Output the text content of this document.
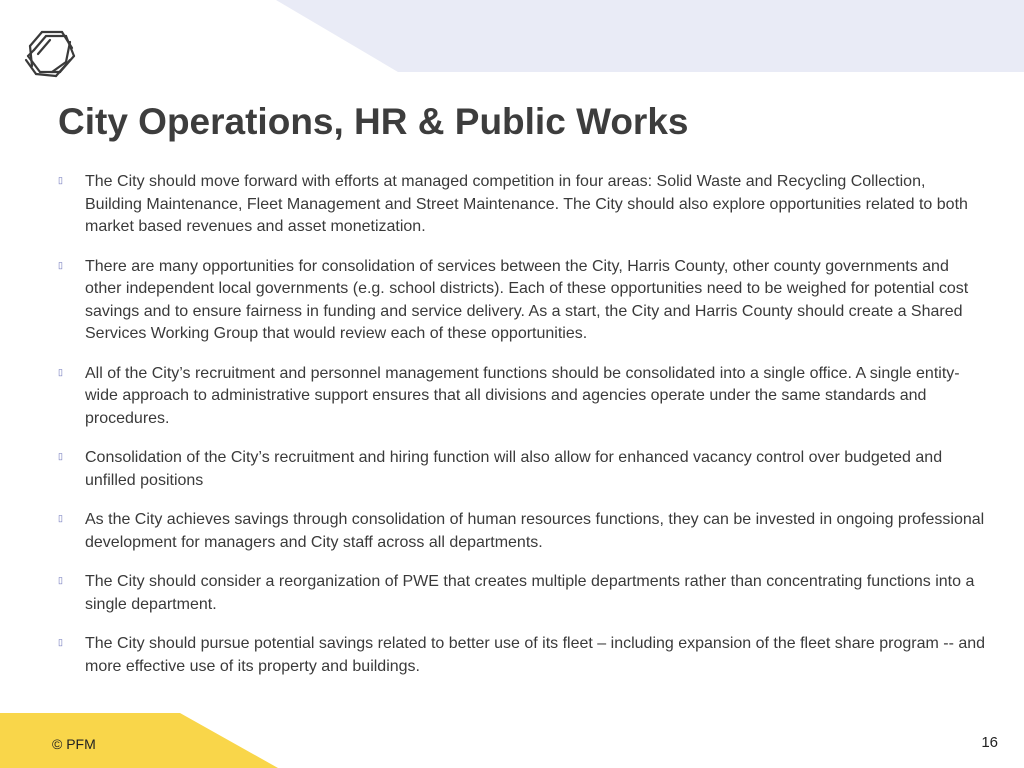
City Operations, HR & Public Works
▯ The City should move forward with efforts at managed competition in four areas: Solid Waste and Recycling Collection, Building Maintenance, Fleet Management and Street Maintenance. The City should also explore opportunities related to both market based revenues and asset monetization.
▯ There are many opportunities for consolidation of services between the City, Harris County, other county governments and other independent local governments (e.g. school districts). Each of these opportunities need to be weighed for potential cost savings and to ensure fairness in funding and service delivery. As a start, the City and Harris County should create a Shared Services Working Group that would review each of these opportunities.
▯ All of the City’s recruitment and personnel management functions should be consolidated into a single office. A single entity-wide approach to administrative support ensures that all divisions and agencies operate under the same standards and procedures.
▯ Consolidation of the City’s recruitment and hiring function will also allow for enhanced vacancy control over budgeted and unfilled positions
▯ As the City achieves savings through consolidation of human resources functions, they can be invested in ongoing professional development for managers and City staff across all departments.
▯ The City should consider a reorganization of PWE that creates multiple departments rather than concentrating functions into a single department.
▯ The City should pursue potential savings related to better use of its fleet – including expansion of the fleet share program -- and more effective use of its property and buildings.
© PFM	16
